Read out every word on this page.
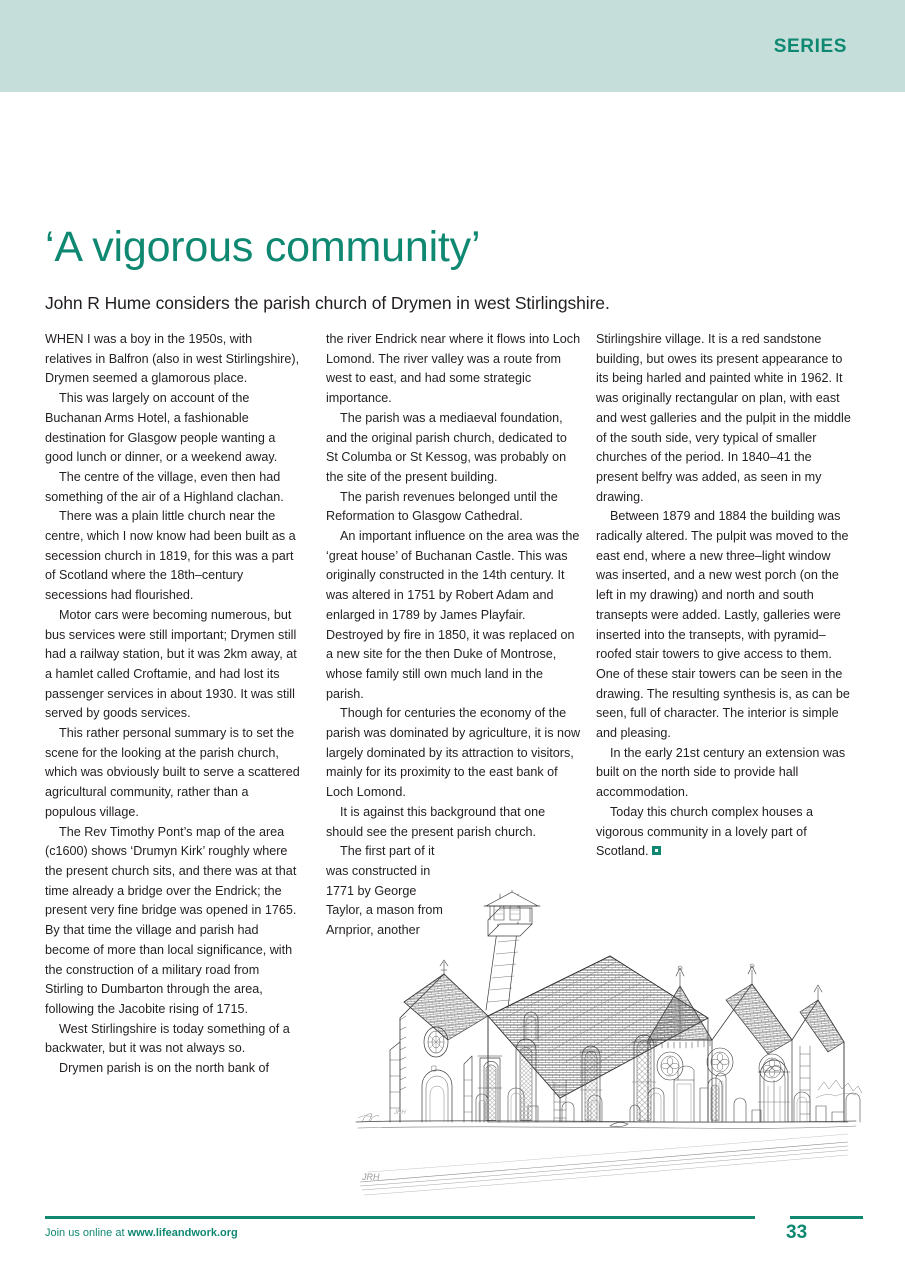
SERIES
‘A vigorous community’

John R Hume considers the parish church of Drymen in west Stirlingshire.

WHEN I was a boy in the 1950s, with relatives in Balfron (also in west Stirlingshire), Drymen seemed a glamorous place.

This was largely on account of the Buchanan Arms Hotel, a fashionable destination for Glasgow people wanting a good lunch or dinner, or a weekend away.

The centre of the village, even then had something of the air of a Highland clachan.

There was a plain little church near the centre, which I now know had been built as a secession church in 1819, for this was a part of Scotland where the 18th–century secessions had flourished.

Motor cars were becoming numerous, but bus services were still important; Drymen still had a railway station, but it was 2km away, at a hamlet called Croftamie, and had lost its passenger services in about 1930. It was still served by goods services.

This rather personal summary is to set the scene for the looking at the parish church, which was obviously built to serve a scattered agricultural community, rather than a populous village.

The Rev Timothy Pont’s map of the area (c1600) shows ‘Drumyn Kirk’ roughly where the present church sits, and there was at that time already a bridge over the Endrick; the present very fine bridge was opened in 1765. By that time the village and parish had become of more than local significance, with the construction of a military road from Stirling to Dumbarton through the area, following the Jacobite rising of 1715.

West Stirlingshire is today something of a backwater, but it was not always so.

Drymen parish is on the north bank of

the river Endrick near where it flows into Loch Lomond. The river valley was a route from west to east, and had some strategic importance.

The parish was a mediaeval foundation, and the original parish church, dedicated to St Columba or St Kessog, was probably on the site of the present building.

The parish revenues belonged until the Reformation to Glasgow Cathedral.

An important influence on the area was the ‘great house’ of Buchanan Castle. This was originally constructed in the 14th century. It was altered in 1751 by Robert Adam and enlarged in 1789 by James Playfair. Destroyed by fire in 1850, it was replaced on a new site for the then Duke of Montrose, whose family still own much land in the parish.

Though for centuries the economy of the parish was dominated by agriculture, it is now largely dominated by its attraction to visitors, mainly for its proximity to the east bank of Loch Lomond.

It is against this background that one should see the present parish church.

The first part of it was constructed in 1771 by George Taylor, a mason from Arnprior, another

Stirlingshire village. It is a red sandstone building, but owes its present appearance to its being harled and painted white in 1962. It was originally rectangular on plan, with east and west galleries and the pulpit in the middle of the south side, very typical of smaller churches of the period. In 1840–41 the present belfry was added, as seen in my drawing.

Between 1879 and 1884 the building was radically altered. The pulpit was moved to the east end, where a new three–light window was inserted, and a new west porch (on the left in my drawing) and north and south transepts were added. Lastly, galleries were inserted into the transepts, with pyramid–roofed stair towers to give access to them. One of these stair towers can be seen in the drawing. The resulting synthesis is, as can be seen, full of character. The interior is simple and pleasing.

In the early 21st century an extension was built on the north side to provide hall accommodation.

Today this church complex houses a vigorous community in a lovely part of Scotland.

JRH
JRH
Join us online at www.lifeandwork.org	33
